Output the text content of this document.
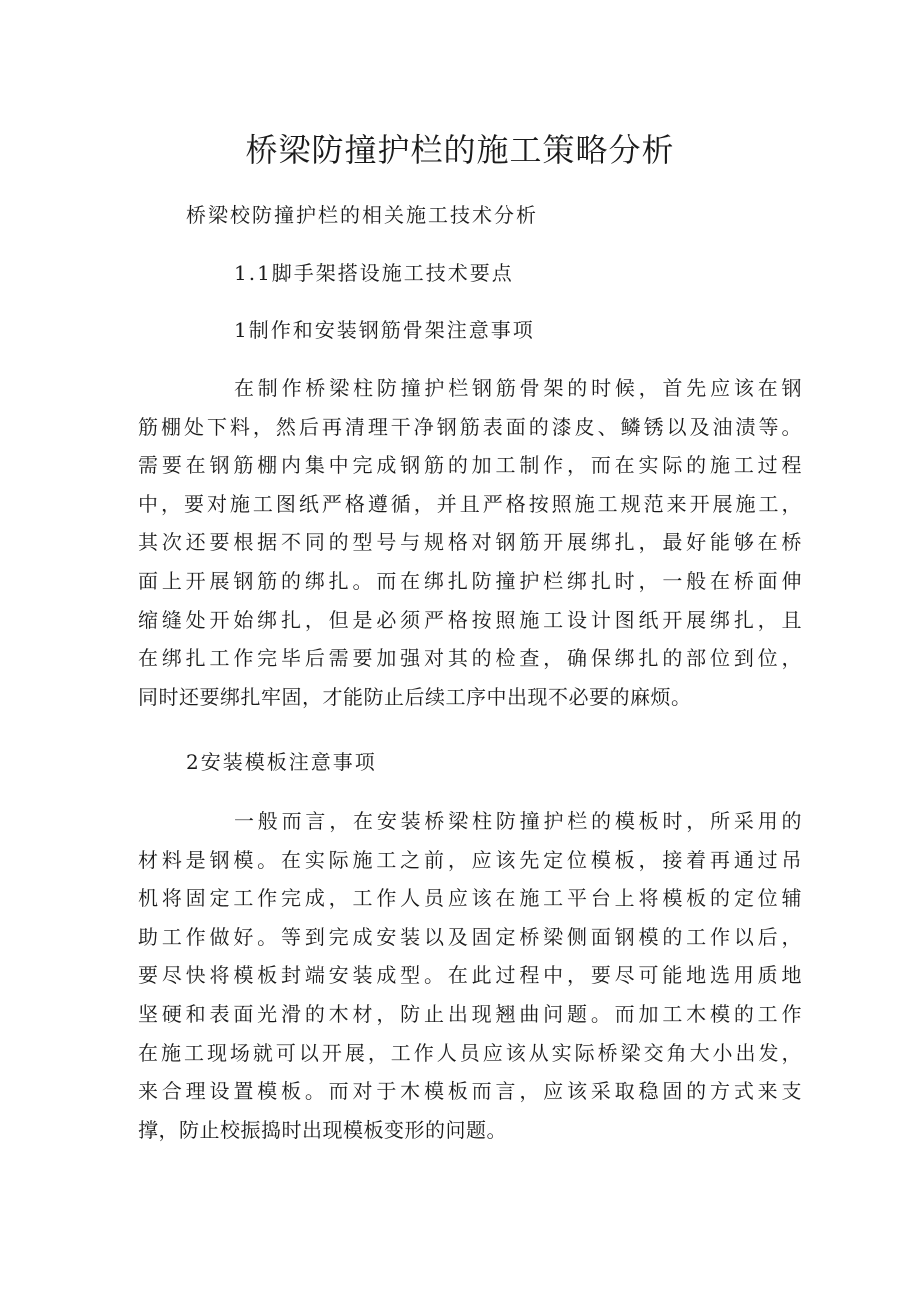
桥梁防撞护栏的施工策略分析
桥梁校防撞护栏的相关施工技术分析
1.1脚手架搭设施工技术要点
1制作和安装钢筋骨架注意事项
在制作桥梁柱防撞护栏钢筋骨架的时候，首先应该在钢
筋棚处下料，然后再清理干净钢筋表面的漆皮、鳞锈以及油渍等。
需要在钢筋棚内集中完成钢筋的加工制作，而在实际的施工过程
中，要对施工图纸严格遵循，并且严格按照施工规范来开展施工，
其次还要根据不同的型号与规格对钢筋开展绑扎，最好能够在桥
面上开展钢筋的绑扎。而在绑扎防撞护栏绑扎时，一般在桥面伸
缩缝处开始绑扎，但是必须严格按照施工设计图纸开展绑扎，且
在绑扎工作完毕后需要加强对其的检查，确保绑扎的部位到位，
同时还要绑扎牢固，才能防止后续工序中出现不必要的麻烦。
2安装模板注意事项
一般而言，在安装桥梁柱防撞护栏的模板时，所采用的
材料是钢模。在实际施工之前，应该先定位模板，接着再通过吊
机将固定工作完成，工作人员应该在施工平台上将模板的定位辅
助工作做好。等到完成安装以及固定桥梁侧面钢模的工作以后，
要尽快将模板封端安装成型。在此过程中，要尽可能地选用质地
坚硬和表面光滑的木材，防止出现翘曲问题。而加工木模的工作
在施工现场就可以开展，工作人员应该从实际桥梁交角大小出发，
来合理设置模板。而对于木模板而言，应该采取稳固的方式来支
撑，防止校振捣时出现模板变形的问题。
